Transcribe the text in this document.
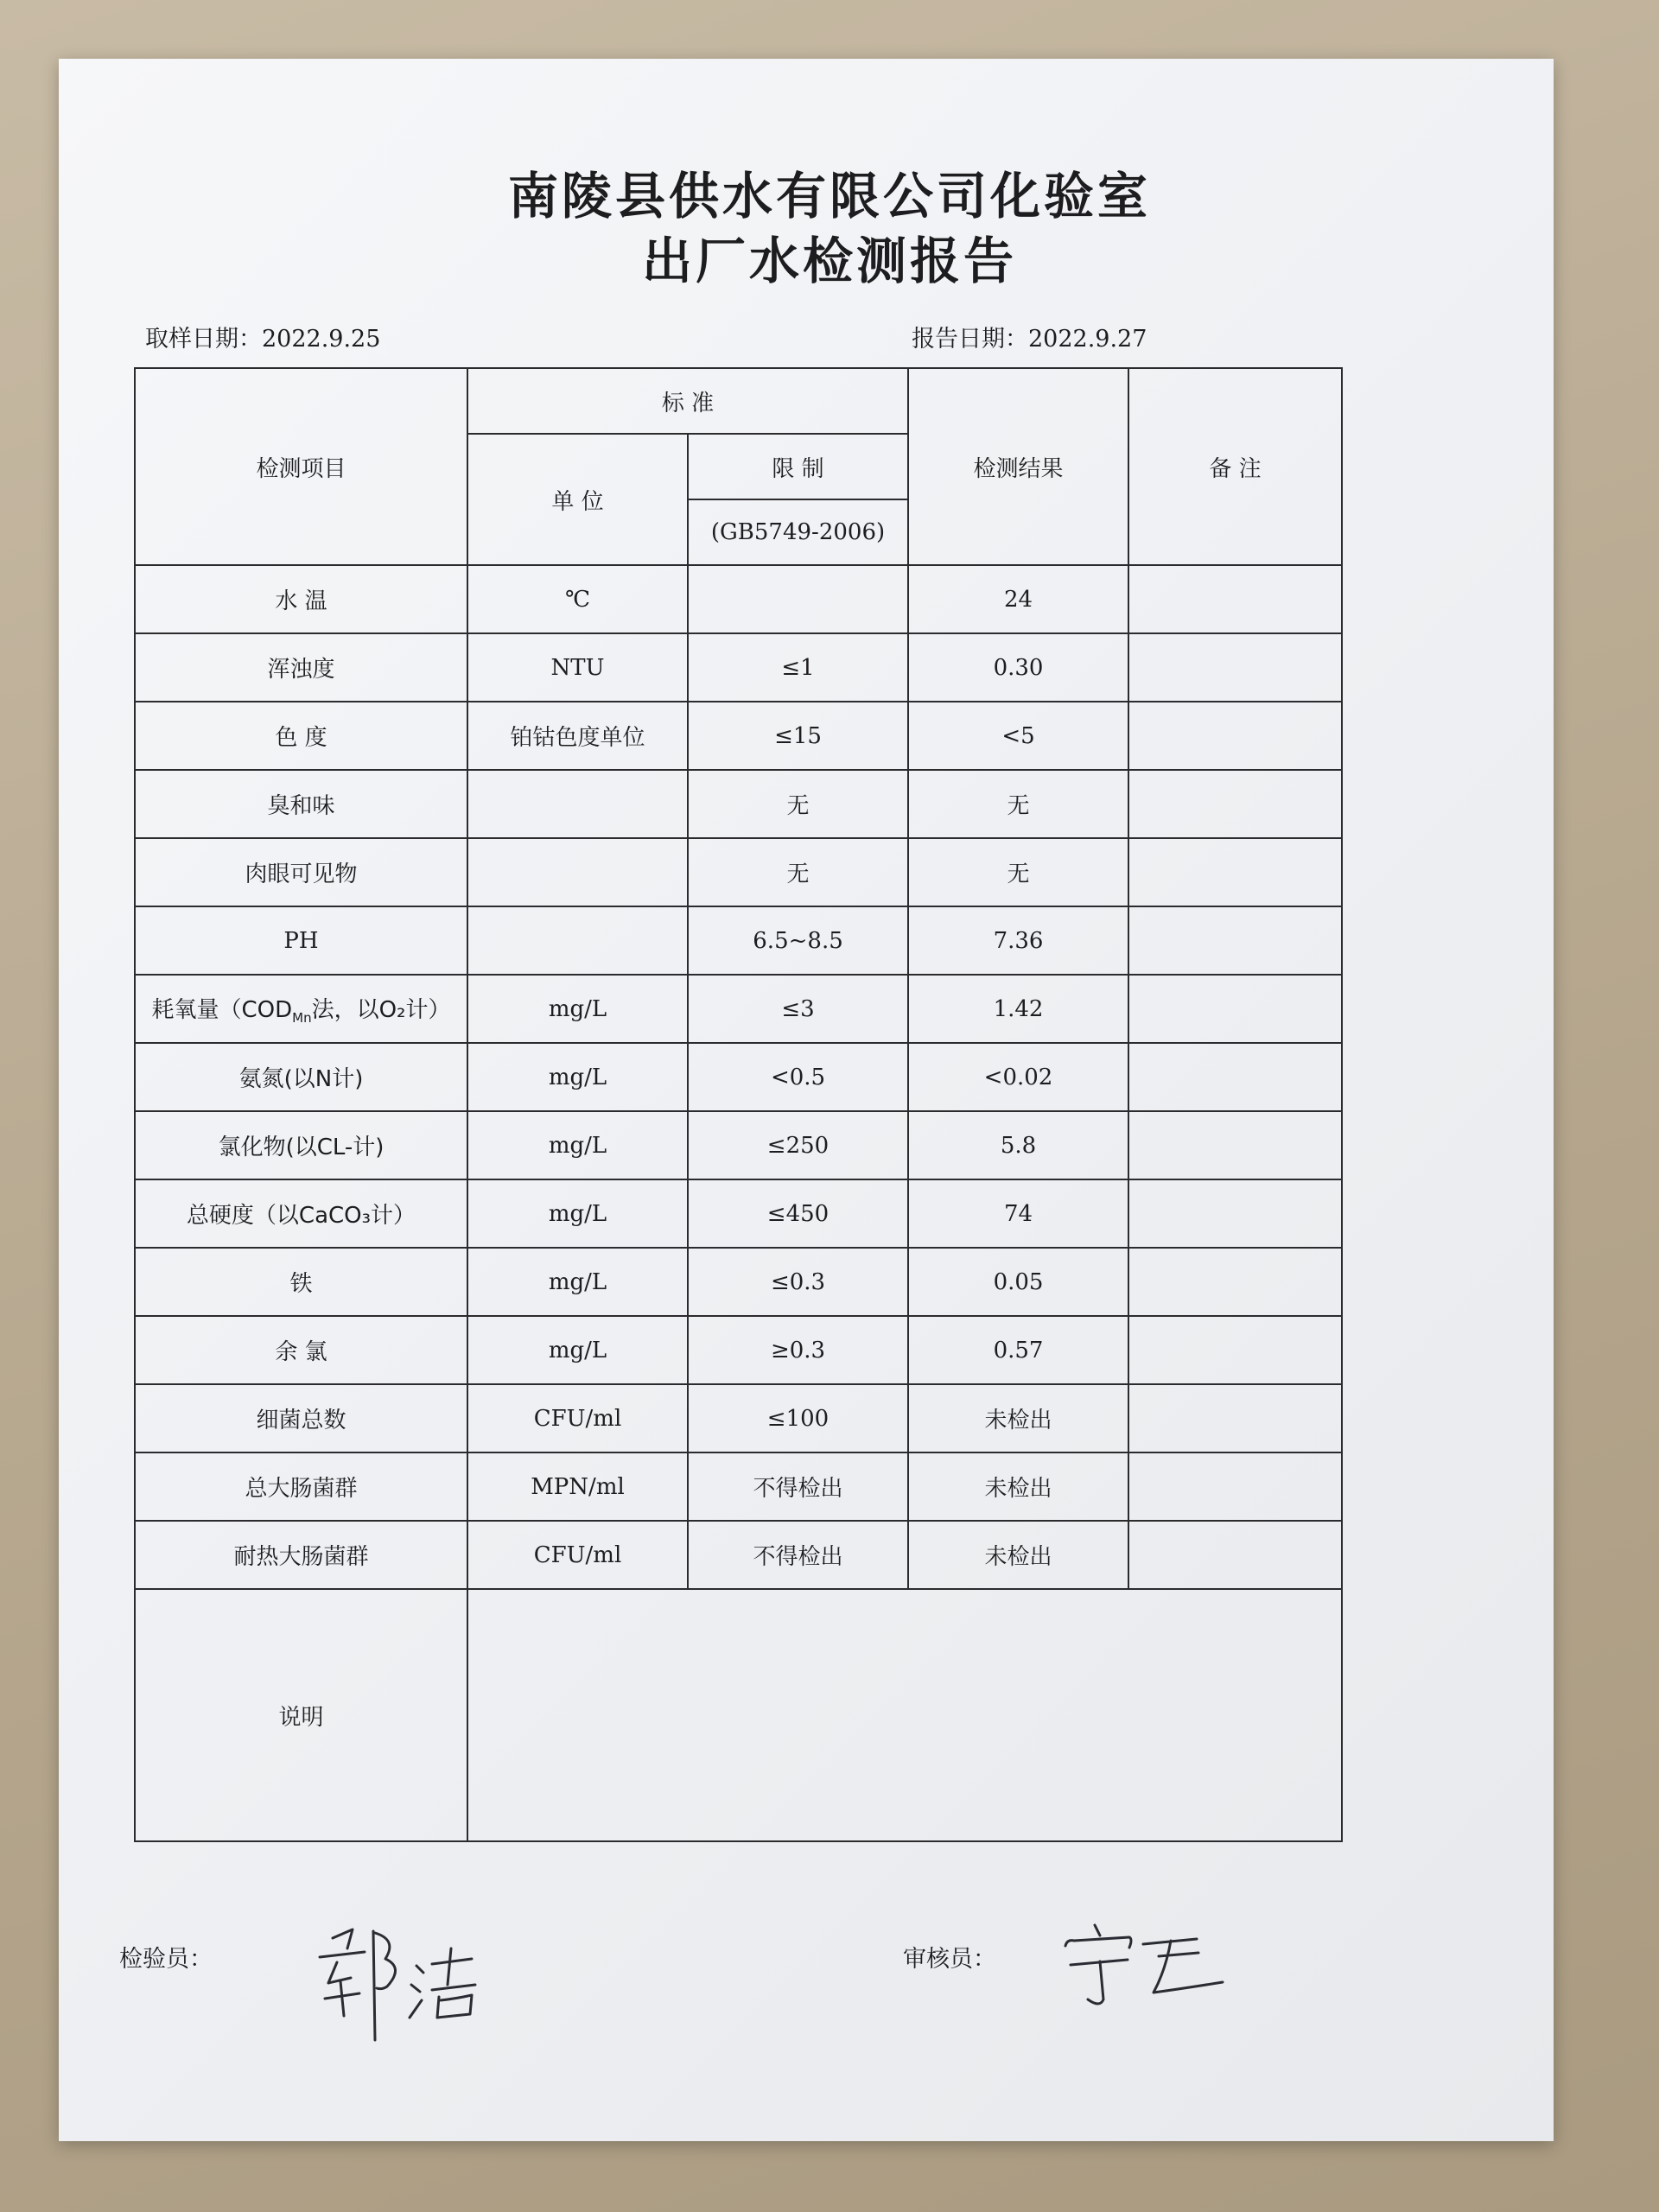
南陵县供水有限公司化验室
出厂水检测报告
取样日期：2022.9.25	报告日期：2022.9.27
检测项目	标 准		检测结果	备 注
	单 位	限 制		
		(GB5749-2006)		
水 温	℃		24	
浑浊度	NTU	≤1	0.30	
色 度	铂钴色度单位	≤15	<5	
臭和味		无	无	
肉眼可见物		无	无	
PH		6.5~8.5	7.36	
耗氧量（$COD_{Mn}$法，以O₂计）	mg/L	≤3	1.42	
氨氮(以N计)	mg/L	<0.5	<0.02	
氯化物(以CL-计)	mg/L	≤250	5.8	
总硬度（以CaCO₃计）	mg/L	≤450	74	
铁	mg/L	≤0.3	0.05	
余 氯	mg/L	≥0.3	0.57	
细菌总数	CFU/ml	≤100	未检出	
总大肠菌群	MPN/ml	不得检出	未检出	
耐热大肠菌群	CFU/ml	不得检出	未检出	
说明				
检验员：	审核员：
